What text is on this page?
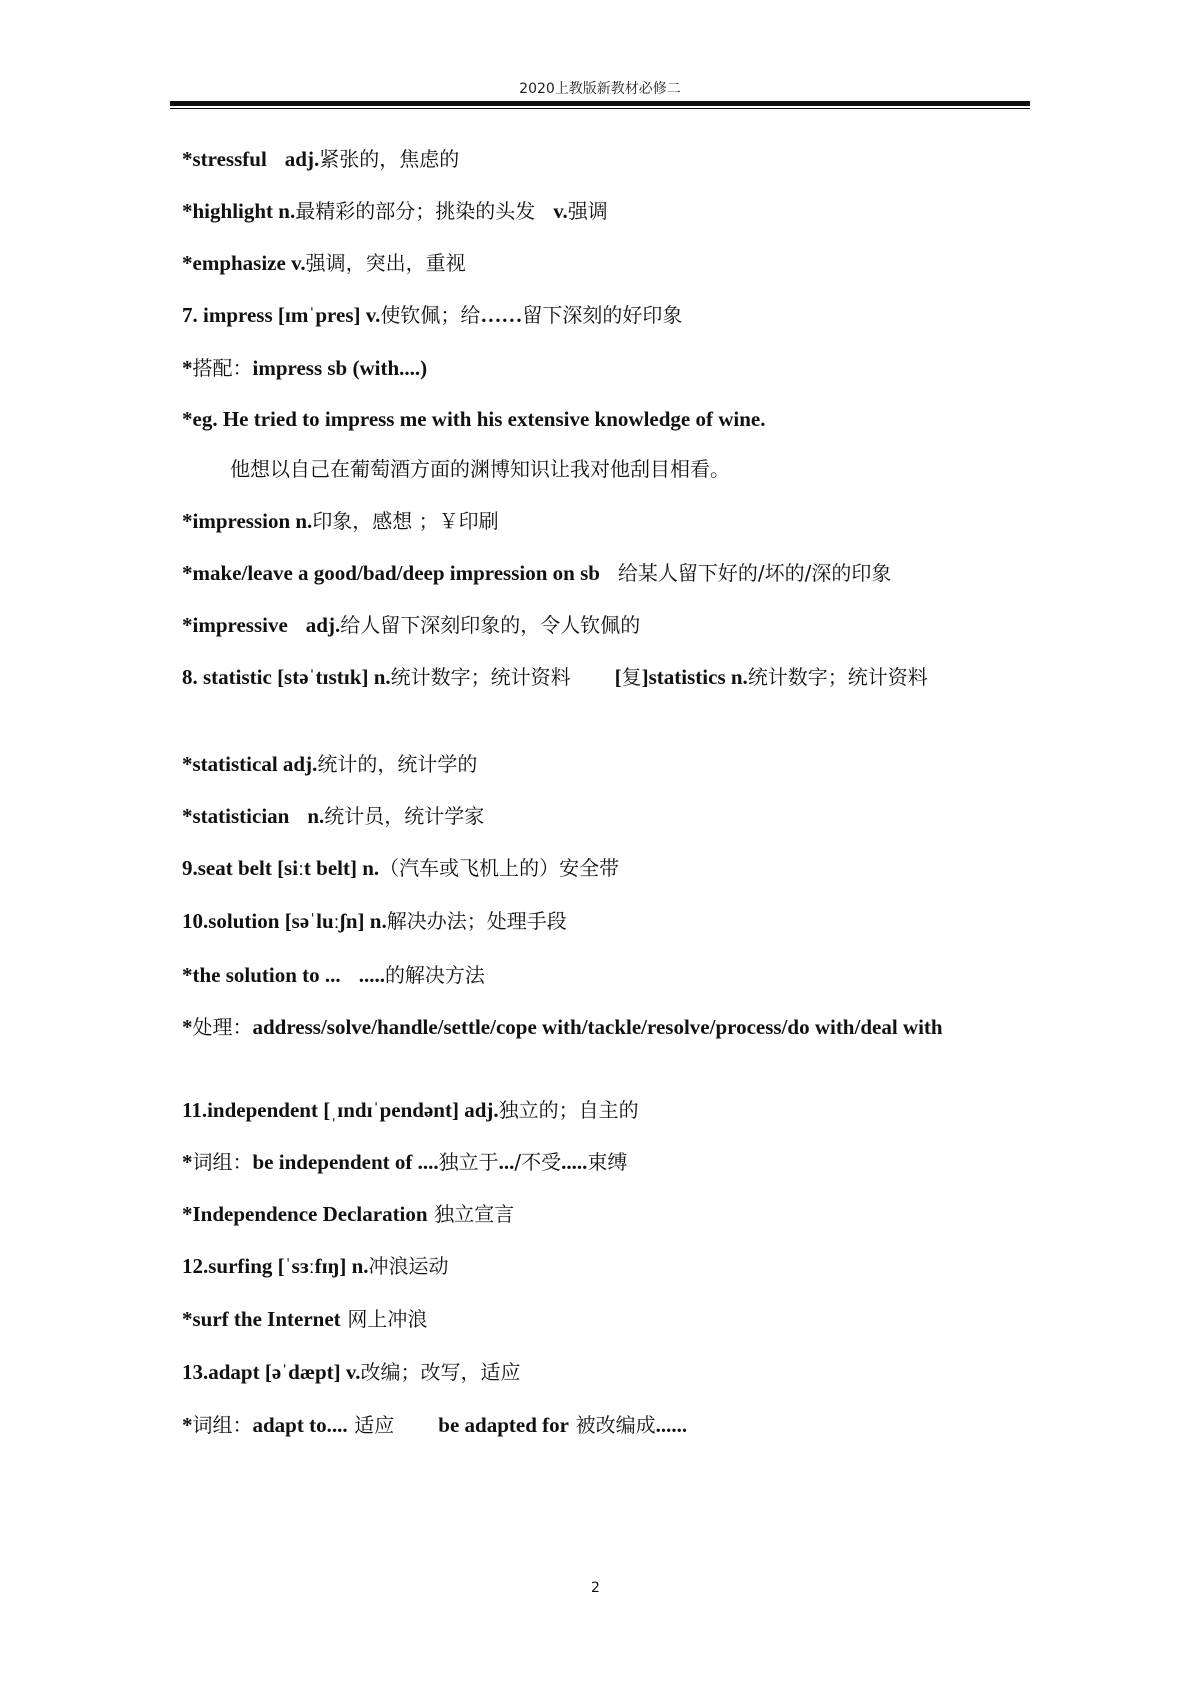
2020上教版新教材必修二
*stressful adj.紧张的，焦虑的
*highlight n.最精彩的部分；挑染的头发 v.强调
*emphasize v.强调，突出，重视
7. impress [ɪmˈpres] v.使钦佩；给……留下深刻的好印象
*搭配：impress sb (with....)
*eg. He tried to impress me with his extensive knowledge of wine.
他想以自己在葡萄酒方面的渊博知识让我对他刮目相看。
*impression n.印象，感想 ；￥印刷
*make/leave a good/bad/deep impression on sb 给某人留下好的/坏的/深的印象
*impressive adj.给人留下深刻印象的，令人钦佩的
8. statistic [stəˈtɪstɪk] n.统计数字；统计资料 [复]statistics n.统计数字；统计资料
*statistical adj.统计的，统计学的
*statistician n.统计员，统计学家
9.seat belt [siːt belt] n.（汽车或飞机上的）安全带
10.solution [səˈluːʃn] n.解决办法；处理手段
*the solution to ... .....的解决方法
*处理：address/solve/handle/settle/cope with/tackle/resolve/process/do with/deal with
11.independent [ˌɪndɪˈpendənt] adj.独立的；自主的
*词组：be independent of ....独立于.../不受.....束缚
*Independence Declaration 独立宣言
12.surfing [ˈsɜːfɪŋ] n.冲浪运动
*surf the Internet 网上冲浪
13.adapt [əˈdæpt] v.改编；改写，适应
*词组：adapt to.... 适应 be adapted for 被改编成......
2
